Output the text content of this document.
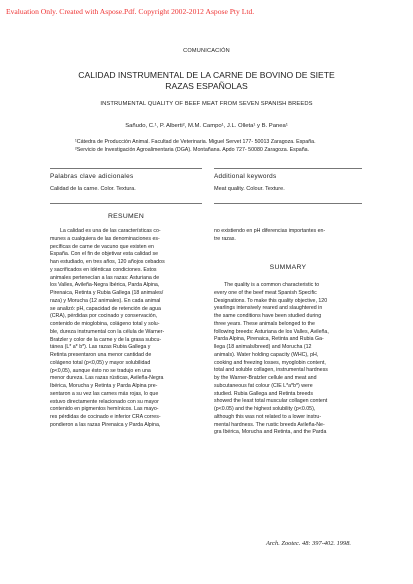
Evaluation Only. Created with Aspose.Pdf. Copyright 2002-2012 Aspose Pty Ltd.
COMUNICACIÓN
CALIDAD INSTRUMENTAL DE LA CARNE DE BOVINO DE SIETE
RAZAS ESPAÑOLAS
INSTRUMENTAL QUALITY OF BEEF MEAT FROM SEVEN SPANISH BREEDS
Sañudo, C.¹, P. Alberti², M.M. Campo¹, J.L. Olleta¹ y B. Panea¹
¹Cátedra de Producción Animal. Facultad de Veterinaria. Miguel Servet 177- 50013 Zaragoza. España.
²Servicio de Investigación Agroalimentaria (DGA). Montañana. Apdo 727- 50080 Zaragoza. España.
Palabras clave adicionales
Calidad de la carne. Color. Textura.
Additional keywords
Meat quality. Colour. Texture.
RESUMEN
La calidad es una de las características co-
munes a cualquiera de las denominaciones es-
pecíficas de carne de vacuno que existen en
España. Con el fin de objetivar esta calidad se
han estudiado, en tres años, 120 añojos cebados
y sacrificados en idénticas condiciones. Estos
animales pertenecían a las razas: Asturiana de
los Valles, Avileña-Negra Ibérica, Parda Alpina,
Pirenaica, Retinta y Rubia Gallega (18 animales/
raza) y Morucha (12 animales). En cada animal
se analizó: pH, capacidad de retención de agua
(CRA), pérdidas por cocinado y conservación,
contenido de mioglobina, colágeno total y solu-
ble, dureza instrumental con la célula de Warner-
Bratzler y color de la carne y de la grasa subcu-
tánea (L* a* b*). Las razas Rubia Gallega y
Retinta presentaron una menor cantidad de
colágeno total (p<0,05) y mayor solubilidad
(p<0,05), aunque ésto no se tradujo en una
menor dureza. Las razas rústicas, Avileña-Negra
Ibérica, Morucha y Retinta y Parda Alpina pre-
sentaron a su vez las carnes más rojas, lo que
estuvo directamente relacionado con su mayor
contenido en pigmentos hemínicos. Las mayo-
res pérdidas de cocinado e inferior CRA corres-
pondieron a las razas Pirenaica y Parda Alpina,
no existiendo en pH diferencias importantes en-
tre razas.
SUMMARY
The quality is a common characteristic to
every one of the beef meat Spanish Specific
Designations. To make this quality objective, 120
yearlings intensively reared and slaughtered in
the same conditions have been studied during
three years. These animals belonged to the
following breeds: Asturiana de los Valles, Avileña,
Parda Alpina, Pirenaica, Retinta and Rubia Ga-
llega (18 animals/breed) and Morucha (12
animals). Water holding capacity (WHC), pH,
cooking and freezing losses, myoglobin content,
total and soluble collagen, instrumental hardness
by the Warner-Bratzler cellule and meat and
subcutaneous fat colour (CIE L*a*b*) were
studied. Rubia Gallega and Retinta breeds
showed the least total muscular collagen content
(p<0.05) and the highest solubility (p<0.05),
although this was not related to a lower instru-
mental hardness. The rustic breeds Avileña-Ne-
gra Ibérica, Morucha and Retinta, and the Parda
Arch. Zootec. 48: 397-402. 1998.
